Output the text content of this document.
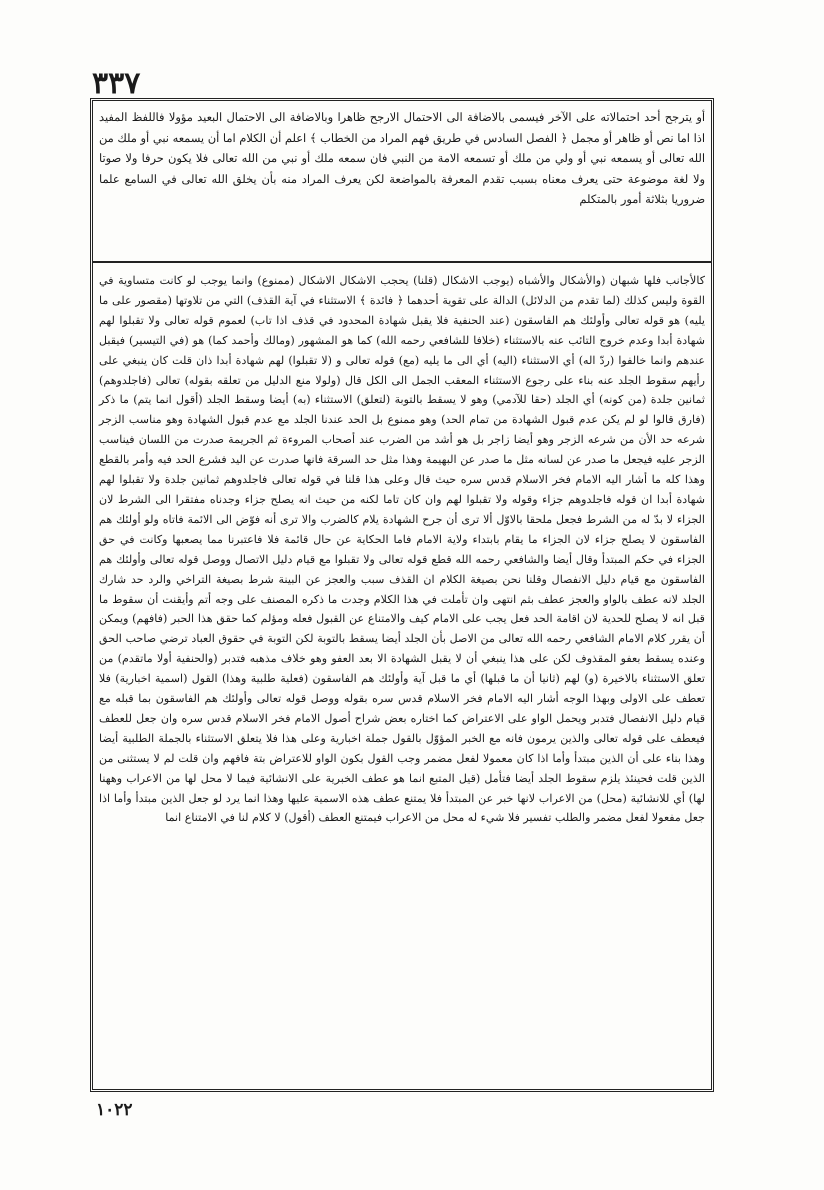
٣٣٧

أو يترجح أحد احتمالاته على الآخر فيسمى بالاضافة الى الاحتمال الارجح ظاهرا وبالاضافة الى الاحتمال البعيد مؤولا فاللفظ المفيد اذا اما نص أو ظاهر أو مجمل ﴿ الفصل السادس في طريق فهم المراد من الخطاب ﴾ اعلم أن الكلام اما أن يسمعه نبي أو ملك من الله تعالى أو يسمعه نبي أو ولي من ملك أو تسمعه الامة من النبي فان سمعه ملك أو نبي من الله تعالى فلا يكون حرفا ولا صوتا ولا لغة موضوعة حتى يعرف معناه بسبب تقدم المعرفة بالمواضعة لكن يعرف المراد منه بأن يخلق الله تعالى في السامع علما ضروريا بثلاثة أمور بالمتكلم

كالأجانب فلها شبهان (والأشكال والأشباه (يوجب الاشكال (قلنا) يحجب الاشكال الاشكال (ممنوع) وانما يوجب لو كانت متساوية في القوة وليس كذلك (لما تقدم من الدلائل) الدالة على تقوية أحدهما ﴿ فائدة ﴾ الاستثناء في آية القذف) التي من تلاوتها (مقصور على ما يليه) هو قوله تعالى وأولئك هم الفاسقون (عند الحنفية فلا يقبل شهادة المحدود في قذف اذا تاب) لعموم قوله تعالى ولا تقبلوا لهم شهادة أبدا وعدم خروج التائب عنه بالاستثناء (خلافا للشافعي رحمه الله) كما هو المشهور (ومالك وأحمد كما) هو (في التيسير) فيقبل عندهم وانما خالفوا (ردّ اله) أي الاستثناء (اليه) أي الى ما يليه (مع) قوله تعالى و (لا تقبلوا) لهم شهادة أبدا ذان قلت كان ينبغي على رأيهم سقوط الجلد عنه بناء على رجوع الاستثناء المعقب الجمل الى الكل قال (ولولا منع الدليل من تعلقه بقوله) تعالى (فاجلدوهم) ثمانين جلدة (من كونه) أي الجلد (حقا للآدمي) وهو لا يسقط بالتوبة (لتعلق) الاستثناء (به) أيضا وسقط الجلد (أقول انما يتم) ما ذكر (فارق قالوا لو لم يكن عدم قبول الشهادة من تمام الحد) وهو ممنوع بل الحد عندنا الجلد مع عدم قبول الشهادة وهو مناسب الزجر شرعه حد الأن من شرعه الزجر وهو أيضا زاجر بل هو أشد من الضرب عند أصحاب المروءة ثم الجريمة صدرت من اللسان فيناسب الزجر عليه فيجعل ما صدر عن لسانه مثل ما صدر عن البهيمة وهذا مثل حد السرقة فانها صدرت عن اليد فشرع الحد فيه وأمر بالقطع وهذا كله ما أشار اليه الامام فخر الاسلام قدس سره حيث قال وعلى هذا قلنا في قوله تعالى فاجلدوهم ثمانين جلدة ولا تقبلوا لهم شهادة أبدا ان قوله فاجلدوهم جزاء وقوله ولا تقبلوا لهم وان كان تاما لكنه من حيث انه يصلح جزاء وجدناه مفتقرا الى الشرط لان الجزاء لا بدّ له من الشرط فجعل ملحقا بالاوّل ألا ترى أن جرح الشهادة يلام كالضرب والا ترى أنه فوّض الى الائمة فاتاه ولو أولئك هم الفاسقون لا يصلح جزاء لان الجزاء ما يقام بابتداء ولاية الامام فاما الحكاية عن حال قائمة فلا فاعتبرنا مما يصعبها وكانت في حق الجزاء في حكم المبتدأ وقال أيضا والشافعي رحمه الله قطع قوله تعالى ولا تقبلوا مع قيام دليل الاتصال ووصل قوله تعالى وأولئك هم الفاسقون مع قيام دليل الانفصال وقلنا نحن بصيغة الكلام ان القذف سبب والعجز عن البينة شرط بصيغة التراخي والرد حد شارك الجلد لانه عطف بالواو والعجز عطف بثم انتهى وان تأملت في هذا الكلام وجدت ما ذكره المصنف على وجه أتم وأيقنت أن سقوط ما قبل انه لا يصلح للحدية لان اقامة الحد فعل يجب على الامام كيف والامتناع عن القبول فعله ومؤلم كما حقق هذا الحبر (فافهم) ويمكن أن يقرر كلام الامام الشافعي رحمه الله تعالى من الاصل بأن الجلد أيضا يسقط بالتوبة لكن التوبة في حقوق العباد ترضي صاحب الحق وعنده يسقط بعفو المقذوف لكن على هذا ينبغي أن لا يقبل الشهادة الا بعد العفو وهو خلاف مذهبه فتدبر (والحنفية أولا ماتقدم) من تعلق الاستثناء بالاخيرة (و) لهم (ثانيا أن ما قبلها) أي ما قبل آية وأولئك هم الفاسقون (فعلية طلبية وهذا) القول (اسمية اخبارية) فلا تعطف على الاولى وبهذا الوجه أشار اليه الامام فخر الاسلام قدس سره بقوله ووصل قوله تعالى وأولئك هم الفاسقون بما قبله مع قيام دليل الانفصال فتدبر ويحمل الواو على الاعتراض كما اختاره بعض شراح أصول الامام فخر الاسلام قدس سره وان جعل للعطف فيعطف على قوله تعالى والذين يرمون فانه مع الخبر المؤوّل بالقول جملة اخبارية وعلى هذا فلا يتعلق الاستثناء بالجملة الطلبية أيضا وهذا بناء على أن الذين مبتدأ وأما اذا كان معمولا لفعل مضمر وجب القول بكون الواو للاعتراض بتة فافهم وان قلت لم لا يستثنى من الذين قلت فحينئذ يلزم سقوط الجلد أيضا فتأمل (قيل المتبع انما هو عطف الخبرية على الانشائية فيما لا محل لها من الاعراب وههنا لها) أي للانشائية (محل) من الاعراب لانها خبر عن المبتدأ فلا يمتنع عطف هذه الاسمية عليها وهذا انما يرد لو جعل الذين مبتدأ وأما اذا جعل مفعولا لفعل مضمر والطلب تفسير فلا شيء له محل من الاعراب فيمتنع العطف (أقول) لا كلام لنا في الامتناع انما

١٠٢٢
